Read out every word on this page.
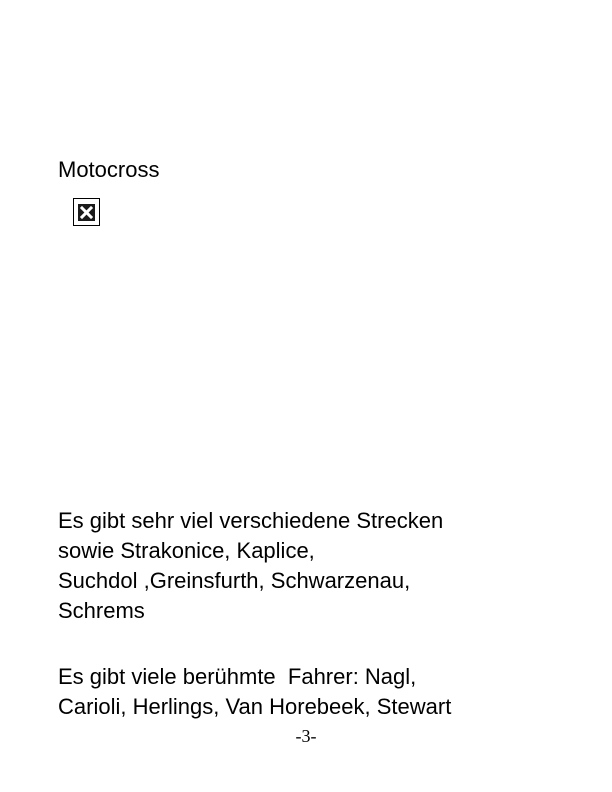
Motocross

Es gibt sehr viel verschiedene Strecken
sowie Strakonice, Kaplice,
Suchdol ,Greinsfurth, Schwarzenau,
Schrems

Es gibt viele berühmte  Fahrer: Nagl,
Carioli, Herlings, Van Horebeek, Stewart

-3-
